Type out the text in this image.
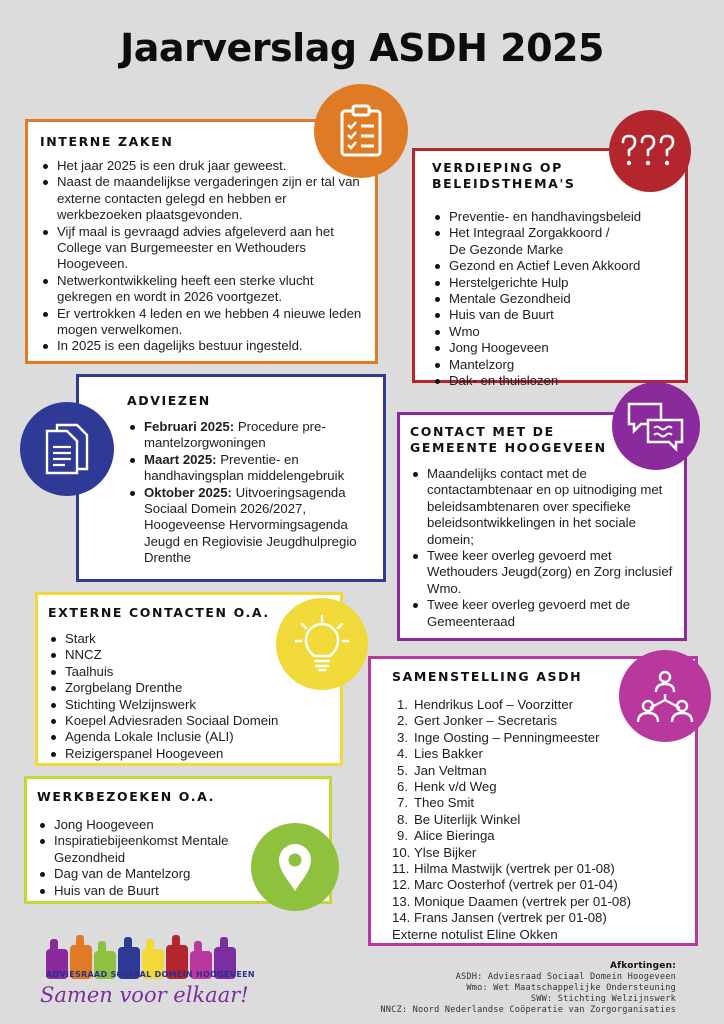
Jaarverslag ASDH 2025
INTERNE ZAKEN
Het jaar 2025 is een druk jaar geweest.
Naast de maandelijkse vergaderingen zijn er tal van externe contacten gelegd en hebben er werkbezoeken plaatsgevonden.
Vijf maal is gevraagd advies afgeleverd aan het College van Burgemeester en Wethouders Hoogeveen.
Netwerkontwikkeling heeft een sterke vlucht gekregen en wordt in 2026 voortgezet.
Er vertrokken 4 leden en we hebben 4 nieuwe leden mogen verwelkomen.
In 2025 is een dagelijks bestuur ingesteld.
VERDIEPING OP
BELEIDSTHEMA'S
Preventie- en handhavingsbeleid
Het Integraal Zorgakkoord /
De Gezonde Marke
Gezond en Actief Leven Akkoord
Herstelgerichte Hulp
Mentale Gezondheid
Huis van de Buurt
Wmo
Jong Hoogeveen
Mantelzorg
Dak- en thuislozen
ADVIEZEN
Februari 2025: Procedure pre-mantelzorgwoningen
Maart 2025: Preventie- en handhavingsplan middelengebruik
Oktober 2025: Uitvoeringsagenda Sociaal Domein 2026/2027, Hoogeveense Hervormingsagenda Jeugd en Regiovisie Jeugdhulpregio Drenthe
CONTACT MET DE
GEMEENTE HOOGEVEEN
Maandelijks contact met de contactambtenaar en op uitnodiging met beleidsambtenaren over specifieke beleidsontwikkelingen in het sociale domein;
Twee keer overleg gevoerd met Wethouders Jeugd(zorg) en Zorg inclusief Wmo.
Twee keer overleg gevoerd met de Gemeenteraad
EXTERNE CONTACTEN O.A.
Stark
NNCZ
Taalhuis
Zorgbelang Drenthe
Stichting Welzijnswerk
Koepel Adviesraden Sociaal Domein
Agenda Lokale Inclusie (ALI)
Reizigerspanel Hoogeveen
SAMENSTELLING ASDH
1. Hendrikus Loof – Voorzitter
2. Gert Jonker – Secretaris
3. Inge Oosting – Penningmeester
4. Lies Bakker
5. Jan Veltman
6. Henk v/d Weg
7. Theo Smit
8. Be Uiterlijk Winkel
9. Alice Bieringa
10. Ylse Bijker
11. Hilma Mastwijk (vertrek per 01-08)
12. Marc Oosterhof (vertrek per 01-04)
13. Monique Daamen (vertrek per 01-08)
14. Frans Jansen (vertrek per 01-08)
Externe notulist Eline Okken
WERKBEZOEKEN O.A.
Jong Hoogeveen
Inspiratiebijeenkomst Mentale Gezondheid
Dag van de Mantelzorg
Huis van de Buurt
ADVIESRAAD SOCIAAL DOMEIN HOOGEVEEN
Samen voor elkaar!
Afkortingen:
ASDH: Adviesraad Sociaal Domein Hoogeveen
Wmo: Wet Maatschappelijke Ondersteuning
SWW: Stichting Welzijnswerk
NNCZ: Noord Nederlandse Coöperatie van Zorgorganisaties
